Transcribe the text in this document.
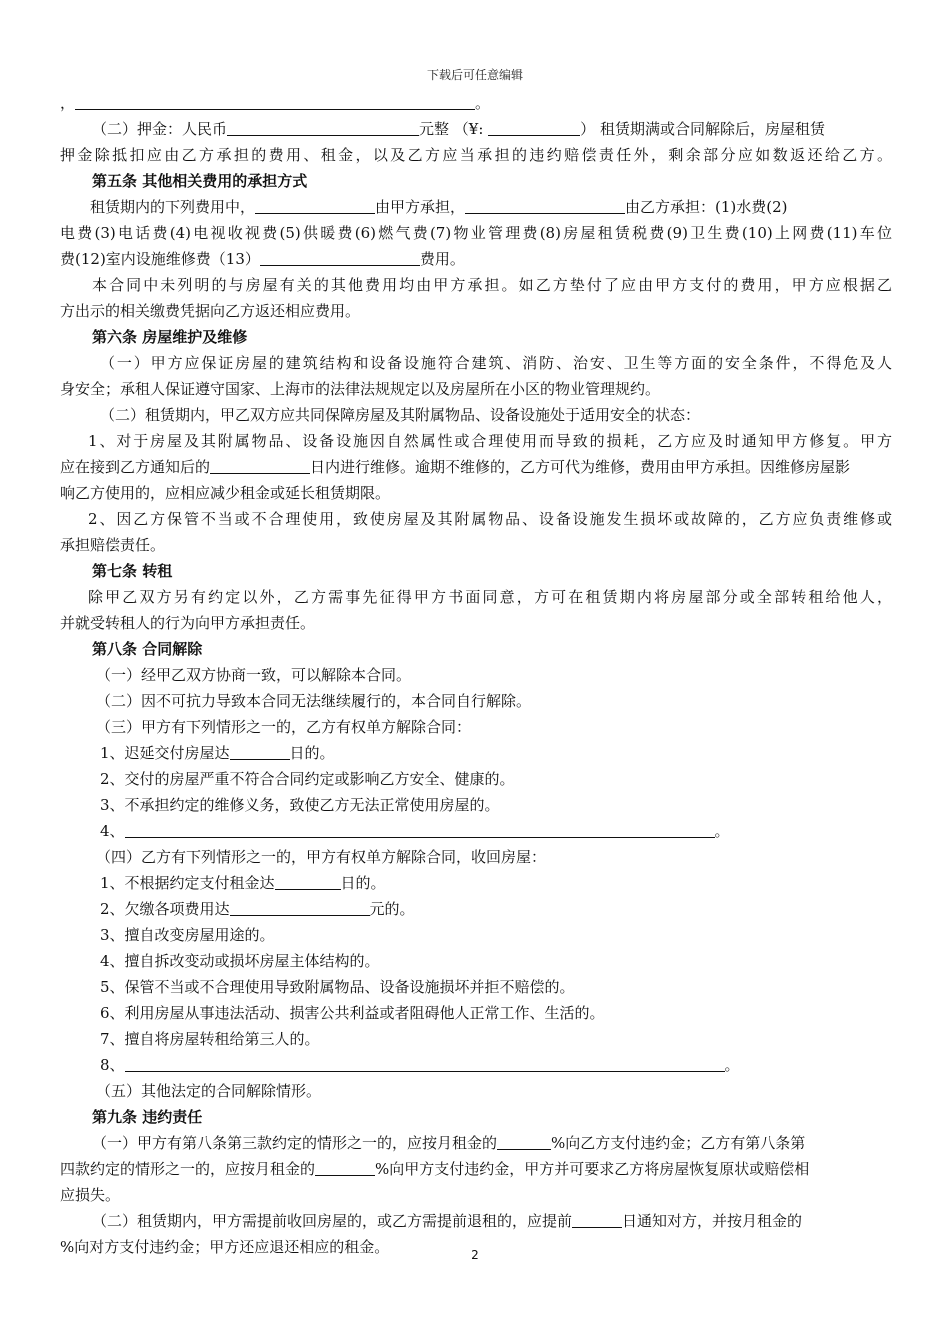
下载后可任意编辑
，	。
（二）押金：人民币	元整 （¥:	） 租赁期满或合同解除后，房屋租赁
押金除抵扣应由乙方承担的费用、租金，以及乙方应当承担的违约赔偿责任外，剩余部分应如数返还给乙方。
第五条 其他相关费用的承担方式
租赁期内的下列费用中，	由甲方承担，	由乙方承担：(1)水费(2)
电费(3)电话费(4)电视收视费(5)供暖费(6)燃气费(7)物业管理费(8)房屋租赁税费(9)卫生费(10)上网费(11)车位
费(12)室内设施维修费（13）	费用。
本合同中未列明的与房屋有关的其他费用均由甲方承担。如乙方垫付了应由甲方支付的费用，甲方应根据乙
方出示的相关缴费凭据向乙方返还相应费用。
第六条 房屋维护及维修
（一）甲方应保证房屋的建筑结构和设备设施符合建筑、消防、治安、卫生等方面的安全条件，不得危及人
身安全；承租人保证遵守国家、上海市的法律法规规定以及房屋所在小区的物业管理规约。
（二）租赁期内，甲乙双方应共同保障房屋及其附属物品、设备设施处于适用安全的状态：
1、对于房屋及其附属物品、设备设施因自然属性或合理使用而导致的损耗，乙方应及时通知甲方修复。甲方
应在接到乙方通知后的	日内进行维修。逾期不维修的，乙方可代为维修，费用由甲方承担。因维修房屋影
响乙方使用的，应相应减少租金或延长租赁期限。
2、因乙方保管不当或不合理使用，致使房屋及其附属物品、设备设施发生损坏或故障的，乙方应负责维修或
承担赔偿责任。
第七条 转租
除甲乙双方另有约定以外，乙方需事先征得甲方书面同意，方可在租赁期内将房屋部分或全部转租给他人，
并就受转租人的行为向甲方承担责任。
第八条 合同解除
（一）经甲乙双方协商一致，可以解除本合同。
（二）因不可抗力导致本合同无法继续履行的，本合同自行解除。
（三）甲方有下列情形之一的，乙方有权单方解除合同：
1、迟延交付房屋达	日的。
2、交付的房屋严重不符合合同约定或影响乙方安全、健康的。
3、不承担约定的维修义务，致使乙方无法正常使用房屋的。
4、	。
（四）乙方有下列情形之一的，甲方有权单方解除合同，收回房屋：
1、不根据约定支付租金达	日的。
2、欠缴各项费用达	元的。
3、擅自改变房屋用途的。
4、擅自拆改变动或损坏房屋主体结构的。
5、保管不当或不合理使用导致附属物品、设备设施损坏并拒不赔偿的。
6、利用房屋从事违法活动、损害公共利益或者阻碍他人正常工作、生活的。
7、擅自将房屋转租给第三人的。
8、	。
（五）其他法定的合同解除情形。
第九条 违约责任
（一）甲方有第八条第三款约定的情形之一的，应按月租金的	%向乙方支付违约金；乙方有第八条第
四款约定的情形之一的，应按月租金的	%向甲方支付违约金，甲方并可要求乙方将房屋恢复原状或赔偿相
应损失。
（二）租赁期内，甲方需提前收回房屋的，或乙方需提前退租的，应提前	日通知对方，并按月租金的
%向对方支付违约金；甲方还应退还相应的租金。	2
